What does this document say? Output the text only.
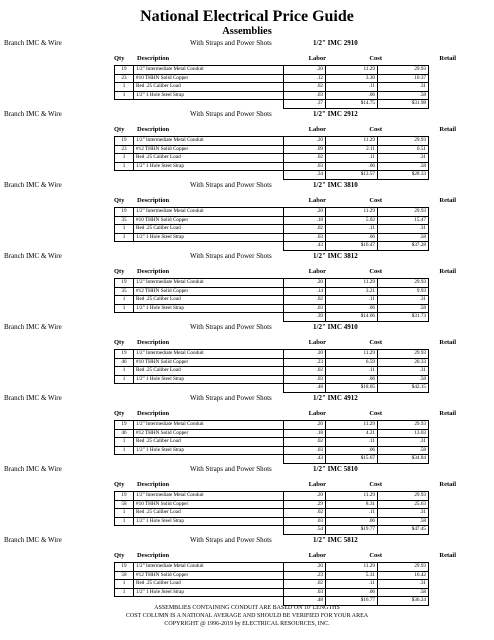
National Electrical Price Guide
Assemblies
Branch IMC & Wire	With Straps and Power Shots	1/2" IMC 2910
Qty Description	Labor	Cost	Retail
19	1/2" Intermediate Metal Conduit	.20	11.29	29.93
23	#10 THHN Solid Copper	.12	3.30	10.37
1	Red .25 Caliber Load	.02	.11	.31
1	1/2" 1 Hole Steel Strap	.03	.06	.58
		.37	$14.75	$31.98
Branch IMC & Wire	With Straps and Power Shots	1/2" IMC 2912
Qty Description	Labor	Cost	Retail
19	1/2" Intermediate Metal Conduit	.20	11.29	29.93
23	#12 THHN Solid Copper	.09	2.11	6.51
1	Red .25 Caliber Load	.02	.11	.31
1	1/2" 1 Hole Steel Strap	.03	.06	.58
		.34	$13.57	$28.33
Branch IMC & Wire	With Straps and Power Shots	1/2" IMC 3810
Qty Description	Labor	Cost	Retail
19	1/2" Intermediate Metal Conduit	.20	11.29	29.93
35	#10 THHN Solid Copper	.18	5.02	15.47
1	Red .25 Caliber Load	.02	.11	.31
1	1/2" 1 Hole Steel Strap	.03	.06	.58
		.43	$16.47	$37.28
Branch IMC & Wire	With Straps and Power Shots	1/2" IMC 3812
Qty Description	Labor	Cost	Retail
19	1/2" Intermediate Metal Conduit	.20	11.29	29.93
35	#12 THHN Solid Copper	.14	3.21	9.93
1	Red .25 Caliber Load	.02	.11	.31
1	1/2" 1 Hole Steel Strap	.03	.06	.58
		.39	$14.66	$31.73
Branch IMC & Wire	With Straps and Power Shots	1/2" IMC 4910
Qty Description	Labor	Cost	Retail
19	1/2" Intermediate Metal Conduit	.20	11.29	29.93
46	#10 THHN Solid Copper	.23	6.59	20.33
1	Red .25 Caliber Load	.02	.11	.31
1	1/2" 1 Hole Steel Strap	.03	.06	.58
		.48	$18.05	$42.15
Branch IMC & Wire	With Straps and Power Shots	1/2" IMC 4912
Qty Description	Labor	Cost	Retail
19	1/2" Intermediate Metal Conduit	.20	11.29	29.93
46	#12 THHN Solid Copper	.18	4.21	13.03
1	Red .25 Caliber Load	.02	.11	.31
1	1/2" 1 Hole Steel Strap	.03	.06	.58
		.43	$15.67	$34.84
Branch IMC & Wire	With Straps and Power Shots	1/2" IMC 5810
Qty Description	Labor	Cost	Retail
19	1/2" Intermediate Metal Conduit	.20	11.29	29.93
58	#10 THHN Solid Copper	.29	8.31	25.63
1	Red .25 Caliber Load	.02	.11	.31
1	1/2" 1 Hole Steel Strap	.03	.06	.58
		.54	$19.77	$47.45
Branch IMC & Wire	With Straps and Power Shots	1/2" IMC 5812
Qty Description	Labor	Cost	Retail
19	1/2" Intermediate Metal Conduit	.20	11.29	29.93
58	#12 THHN Solid Copper	.23	5.31	16.42
1	Red .25 Caliber Load	.02	.11	.31
1	1/2" 1 Hole Steel Strap	.03	.06	.58
		.48	$16.77	$36.24
ASSEMBLIES CONTAINING CONDUIT ARE BASED ON 10' LENGTHS
COST COLUMN IS A NATIONAL AVERAGE AND SHOULD BE VERIFIED FOR YOUR AREA
COPYRIGHT @ 1996-2019 by ELECTRICAL RESOURCES, INC.
